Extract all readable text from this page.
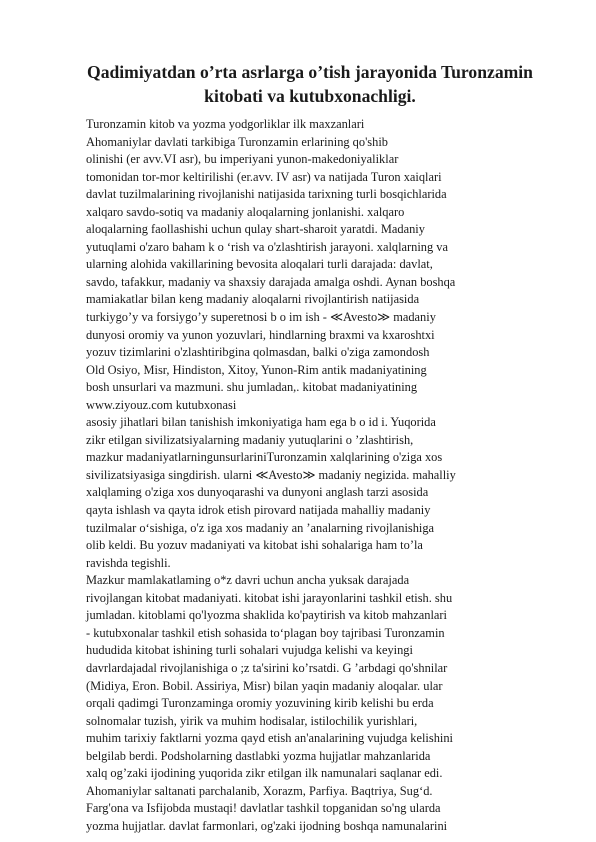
Qadimiyatdan o’rta asrlarga o’tish jarayonida Turonzamin
kitobati va kutubxonachligi.
Turonzamin kitob va yozma yodgorliklar ilk maxzanlari
Ahomaniylar davlati tarkibiga Turonzamin erlarining qo'shib
olinishi (er avv.VI asr), bu imperiyani yunon-makedoniyaliklar
tomonidan tor-mor keltirilishi (er.avv. IV asr) va natijada Turon xaiqlari
davlat tuzilmalarining rivojlanishi natijasida tarixning turli bosqichlarida
xalqaro savdo-sotiq va madaniy aloqalarning jonlanishi. xalqaro
aloqalarning faollashishi uchun qulay shart-sharoit yaratdi. Madaniy
yutuqlami o'zaro baham k o ‘rish va o'zlashtirish jarayoni. xalqlarning va
ularning alohida vakillarining bevosita aloqalari turli darajada: davlat,
savdo, tafakkur, madaniy va shaxsiy darajada amalga oshdi. Aynan boshqa
mamiakatlar bilan keng madaniy aloqalarni rivojlantirish natijasida
turkiygo’y va forsiygo’y superetnosi b o im ish - ≪Avesto≫ madaniy
dunyosi oromiy va yunon yozuvlari, hindlarning braxmi va kxaroshtxi
yozuv tizimlarini o'zlashtiribgina qolmasdan, balki o'ziga zamondosh
Old Osiyo, Misr, Hindiston, Xitoy, Yunon-Rim antik madaniyatining
bosh unsurlari va mazmuni. shu jumladan,. kitobat madaniyatining
www.ziyouz.com kutubxonasi
asosiy jihatlari bilan tanishish imkoniyatiga ham ega b o id i. Yuqorida
zikr etilgan sivilizatsiyalarning madaniy yutuqlarini o ’zlashtirish,
mazkur madaniyatlarningunsurlariniTuronzamin xalqlarining o'ziga xos
sivilizatsiyasiga singdirish. ularni ≪Avesto≫ madaniy negizida. mahalliy
xalqlaming o'ziga xos dunyoqarashi va dunyoni anglash tarzi asosida
qayta ishlash va qayta idrok etish pirovard natijada mahalliy madaniy
tuzilmalar o‘sishiga, o'z iga xos madaniy an ’analarning rivojlanishiga
olib keldi. Bu yozuv madaniyati va kitobat ishi sohalariga ham to’la
ravishda tegishli.
Mazkur mamlakatlaming o*z davri uchun ancha yuksak darajada
rivojlangan kitobat madaniyati. kitobat ishi jarayonlarini tashkil etish. shu
jumladan. kitoblami qo'lyozma shaklida ko'paytirish va kitob mahzanlari
- kutubxonalar tashkil etish sohasida to‘plagan boy tajribasi Turonzamin
hududida kitobat ishining turli sohalari vujudga kelishi va keyingi
davrlardajadal rivojlanishiga o ;z ta'sirini ko’rsatdi. G ’arbdagi qo'shnilar
(Midiya, Eron. Bobil. Assiriya, Misr) bilan yaqin madaniy aloqalar. ular
orqali qadimgi Turonzaminga oromiy yozuvining kirib kelishi bu erda
solnomalar tuzish, yirik va muhim hodisalar, istilochilik yurishlari,
muhim tarixiy faktlarni yozma qayd etish an'analarining vujudga kelishini
belgilab berdi. Podsholarning dastlabki yozma hujjatlar mahzanlarida
xalq og’zaki ijodining yuqorida zikr etilgan ilk namunalari saqlanar edi.
Ahomaniylar saltanati parchalanib, Xorazm, Parfiya. Baqtriya, Sug‘d.
Farg'ona va Isfijobda mustaqi! davlatlar tashkil topganidan so'ng ularda
yozma hujjatlar. davlat farmonlari, og'zaki ijodning boshqa namunalarini
